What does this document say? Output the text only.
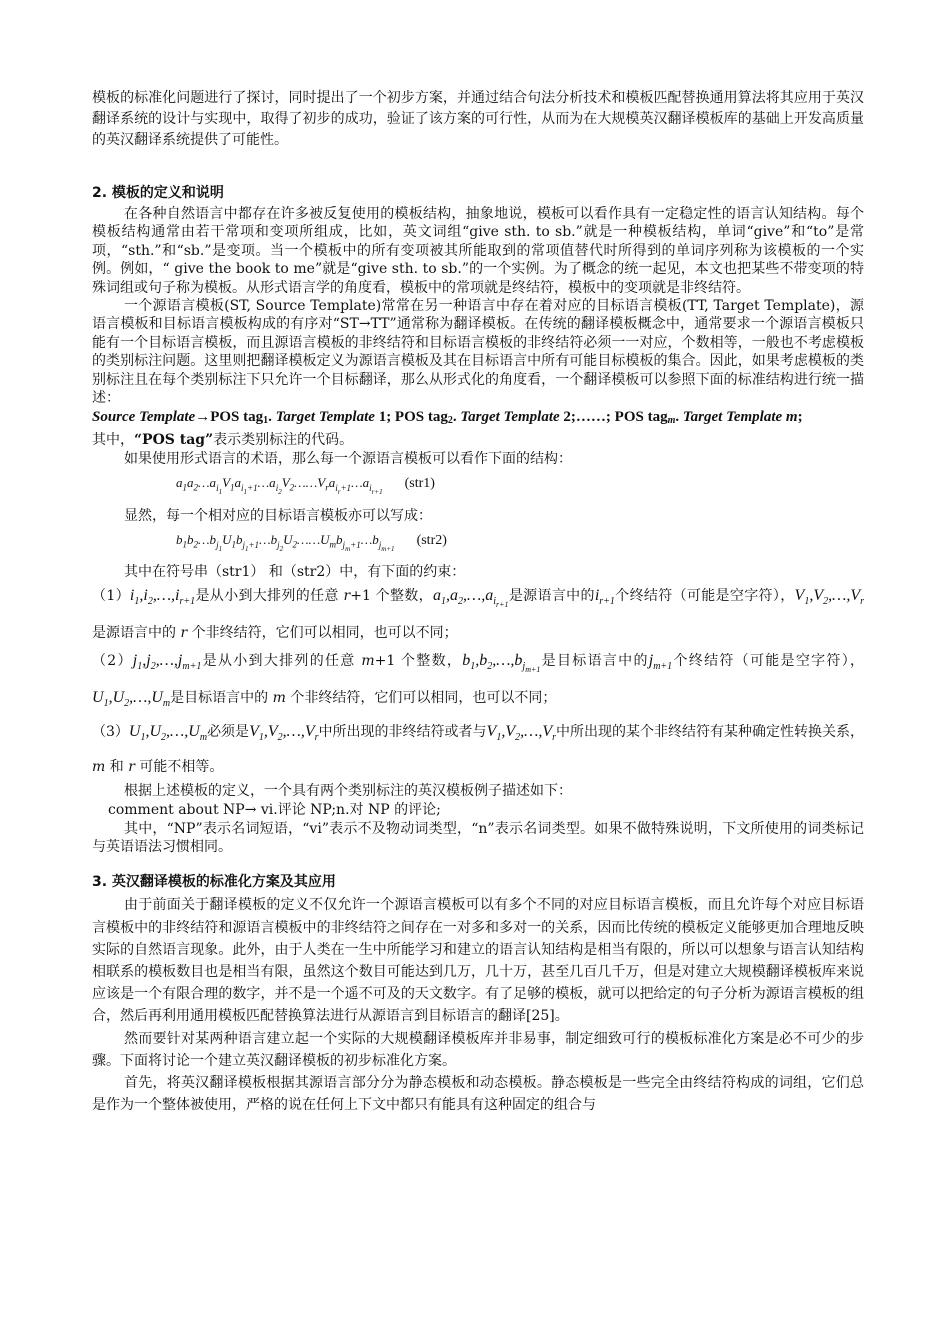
模板的标准化问题进行了探讨，同时提出了一个初步方案，并通过结合句法分析技术和模板匹配替换通用算法将其应用于英汉翻译系统的设计与实现中，取得了初步的成功，验证了该方案的可行性，从而为在大规模英汉翻译模板库的基础上开发高质量的英汉翻译系统提供了可能性。

2. 模板的定义和说明

在各种自然语言中都存在许多被反复使用的模板结构，抽象地说，模板可以看作具有一定稳定性的语言认知结构。每个模板结构通常由若干常项和变项所组成，比如，英文词组“give sth. to sb.”就是一种模板结构，单词“give”和“to”是常项，“sth.”和“sb.”是变项。当一个模板中的所有变项被其所能取到的常项值替代时所得到的单词序列称为该模板的一个实例。例如，“ give the book to me”就是“give sth. to sb.”的一个实例。为了概念的统一起见，本文也把某些不带变项的特殊词组或句子称为模板。从形式语言学的角度看，模板中的常项就是终结符，模板中的变项就是非终结符。

一个源语言模板(ST, Source Template)常常在另一种语言中存在着对应的目标语言模板(TT, Target Template)，源语言模板和目标语言模板构成的有序对“ST→TT”通常称为翻译模板。在传统的翻译模板概念中，通常要求一个源语言模板只能有一个目标语言模板，而且源语言模板的非终结符和目标语言模板的非终结符必须一一对应，个数相等，一般也不考虑模板的类别标注问题。这里则把翻译模板定义为源语言模板及其在目标语言中所有可能目标模板的集合。因此，如果考虑模板的类别标注且在每个类别标注下只允许一个目标翻译，那么从形式化的角度看，一个翻译模板可以参照下面的标准结构进行统一描述：

Source Template→POS tag$_1$. Target Template 1; POS tag$_2$. Target Template 2;……; POS tag$_m$. Target Template m;

其中，“POS tag”表示类别标注的代码。

如果使用形式语言的术语，那么每一个源语言模板可以看作下面的结构：

$a_1a_2\dots a_{i_1}V_1a_{i_1+1}\dots a_{i_2}V_2\dots\dots V_ra_{i_r+1}\dots a_{i_{r+1}}(str1)$

显然，每一个相对应的目标语言模板亦可以写成：

$b_1b_2\dots b_{j_1}U_1b_{j_1+1}\dots b_{j_2}U_2\dots\dots U_mb_{j_m+1}\dots b_{j_{m+1}}(str2)$

其中在符号串（str1） 和（str2）中，有下面的约束：

$(1)i_1,i_2,\dots,i_{r+1}$是从小到大排列的任意 r+1 个整数，$a_1,a_2,\dots,a_{i_{r+1}}$是源语言中的$i_{r+1}$个终结符（可能是空字符），$V_1,V_2,\dots,V_r$是源语言中的 r 个非终结符，它们可以相同，也可以不同；

$(2)j_1,j_2,\dots,j_{m+1}$是从小到大排列的任意 m+1 个整数，$b_1,b_2,\dots,b_{j_{m+1}}$是目标语言中的$j_{m+1}$个终结符（可能是空字符），$U_1,U_2,\dots,U_m$是目标语言中的 m 个非终结符，它们可以相同，也可以不同；

$(3)U_1,U_2,\dots,U_m$必须是$V_1,V_2,\dots,V_r$中所出现的非终结符或者与$V_1,V_2,\dots,V_r$中所出现的某个非终结符有某种确定性转换关系，m 和 r 可能不相等。

根据上述模板的定义，一个具有两个类别标注的英汉模板例子描述如下：

comment about NP→ vi.评论 NP;n.对 NP 的评论;

其中，“NP”表示名词短语，“vi”表示不及物动词类型，“n”表示名词类型。如果不做特殊说明，下文所使用的词类标记与英语语法习惯相同。

3. 英汉翻译模板的标准化方案及其应用

由于前面关于翻译模板的定义不仅允许一个源语言模板可以有多个不同的对应目标语言模板，而且允许每个对应目标语言模板中的非终结符和源语言模板中的非终结符之间存在一对多和多对一的关系，因而比传统的模板定义能够更加合理地反映实际的自然语言现象。此外，由于人类在一生中所能学习和建立的语言认知结构是相当有限的，所以可以想象与语言认知结构相联系的模板数目也是相当有限，虽然这个数目可能达到几万，几十万，甚至几百几千万，但是对建立大规模翻译模板库来说应该是一个有限合理的数字，并不是一个遥不可及的天文数字。有了足够的模板，就可以把给定的句子分析为源语言模板的组合，然后再利用通用模板匹配替换算法进行从源语言到目标语言的翻译[25]。

然而要针对某两种语言建立起一个实际的大规模翻译模板库并非易事，制定细致可行的模板标准化方案是必不可少的步骤。下面将讨论一个建立英汉翻译模板的初步标准化方案。

首先，将英汉翻译模板根据其源语言部分分为静态模板和动态模板。静态模板是一些完全由终结符构成的词组，它们总是作为一个整体被使用，严格的说在任何上下文中都只有能具有这种固定的组合与
